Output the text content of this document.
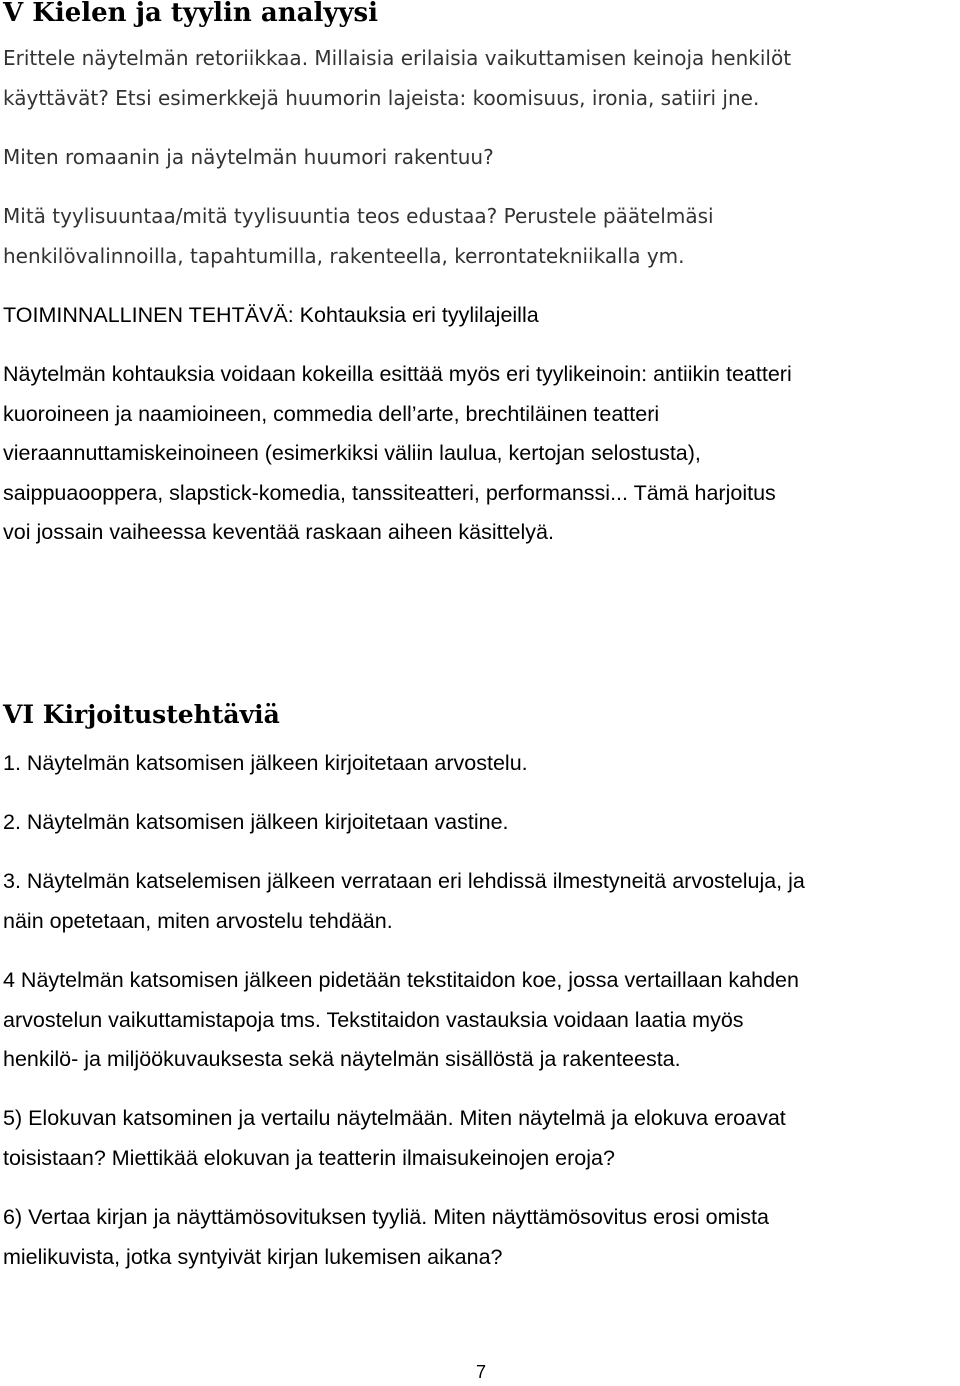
V Kielen ja tyylin analyysi

Erittele näytelmän retoriikkaa. Millaisia erilaisia vaikuttamisen keinoja henkilöt
käyttävät? Etsi esimerkkejä huumorin lajeista: koomisuus, ironia, satiiri jne.

Miten romaanin ja näytelmän huumori rakentuu?

Mitä tyylisuuntaa/mitä tyylisuuntia teos edustaa? Perustele päätelmäsi
henkilövalinnoilla, tapahtumilla, rakenteella, kerrontatekniikalla ym.

TOIMINNALLINEN TEHTÄVÄ: Kohtauksia eri tyylilajeilla

Näytelmän kohtauksia voidaan kokeilla esittää myös eri tyylikeinoin: antiikin teatteri
kuoroineen ja naamioineen, commedia dell’arte, brechtiläinen teatteri
vieraannuttamiskeinoineen (esimerkiksi väliin laulua, kertojan selostusta),
saippuaooppera, slapstick-komedia, tanssiteatteri, performanssi... Tämä harjoitus
voi jossain vaiheessa keventää raskaan aiheen käsittelyä.

VI Kirjoitustehtäviä

1. Näytelmän katsomisen jälkeen kirjoitetaan arvostelu.

2. Näytelmän katsomisen jälkeen kirjoitetaan vastine.

3. Näytelmän katselemisen jälkeen verrataan eri lehdissä ilmestyneitä arvosteluja, ja
näin opetetaan, miten arvostelu tehdään.

4 Näytelmän katsomisen jälkeen pidetään tekstitaidon koe, jossa vertaillaan kahden
arvostelun vaikuttamistapoja tms. Tekstitaidon vastauksia voidaan laatia myös
henkilö- ja miljöökuvauksesta sekä näytelmän sisällöstä ja rakenteesta.

5) Elokuvan katsominen ja vertailu näytelmään. Miten näytelmä ja elokuva eroavat
toisistaan? Miettikää elokuvan ja teatterin ilmaisukeinojen eroja?

6) Vertaa kirjan ja näyttämösovituksen tyyliä. Miten näyttämösovitus erosi omista
mielikuvista, jotka syntyivät kirjan lukemisen aikana?

7
